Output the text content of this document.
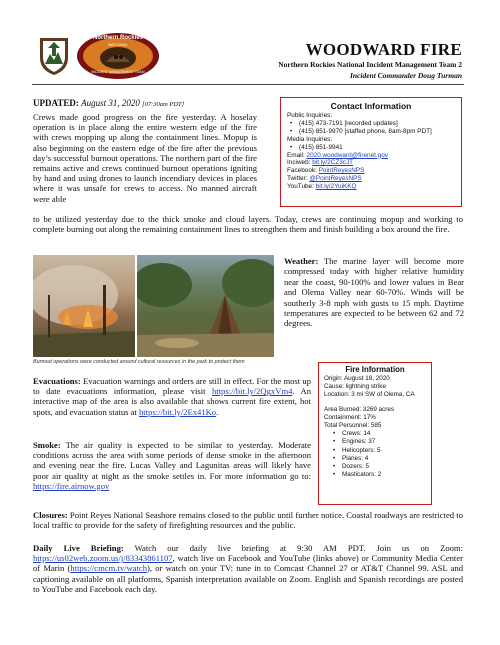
Northern Rockies
NATIONAL
INCIDENT MANAGEMENT TEAM
WOODWARD FIRE
Northern Rockies National Incident Management Team 2
Incident Commander Doug Turman
UPDATED: August 31, 2020 [07:30am PDT]

Crews made good progress on the fire yesterday. A hoselay operation is in place along the entire western edge of the fire with crews mopping up along the containment lines. Mopup is also beginning on the eastern edge of the fire after the previous day’s successful burnout operations. The northern part of the fire remains active and crews continued burnout operations igniting by hand and using drones to launch incendiary devices in places where it was unsafe for crews to access. No manned aircraft were able

to be utilized yesterday due to the thick smoke and cloud layers. Today, crews are continuing mopup and working to complete burning out along the remaining containment lines to strengthen them and finish building a box around the fire.

Contact Information
Public Inquiries:
• (415) 473-7191 [recorded updates]
• (415) 851-9970 [staffed phone, 8am-8pm PDT]
Media Inquiries:
• (415) 851-9941
Email: 2020.woodward@firenet.gov
Inciweb: bit.ly/2CZ3cJT
Facebook: PointReyesNPS
Twitter: @PointReyesNPS
YouTube: bit.ly/2YuiKKQ
Burnout operations were conducted around cultural resources in the park to protect them

Weather: The marine layer will become more compressed today with higher relative humidity near the coast, 90-100% and lower values in Bear and Olema Valley near 60-70%. Winds will be southerly 3-8 mph with gusts to 15 mph. Daytime temperatures are expected to be between 62 and 72 degrees.

Fire Information
Origin: August 18, 2020
Cause: lightning strike
Location: 3 mi SW of Olema, CA
Area Burned: 3269 acres
Containment: 17%
Total Personnel: 585
• Crews: 14
• Engines: 37
• Helicopters: 5
• Planes: 4
• Dozers: 5
• Masticators: 2

Evacuations: Evacuation warnings and orders are still in effect. For the most up to date evacuations information, please visit https://bit.ly/2QgxVm4. An interactive map of the area is also available that shows current fire extent, hot spots, and evacuation status at https://bit.ly/2Ex41Ko.

Smoke: The air quality is expected to be similar to yesterday. Moderate conditions across the area with some periods of dense smoke in the afternoon and evening near the fire. Lucas Valley and Lagunitas areas will likely have poor air quality at night as the smoke settles in. For more information go to: https://fire.airnow.gov

Closures: Point Reyes National Seashore remains closed to the public until further notice. Coastal roadways are restricted to local traffic to provide for the safety of firefighting resources and the public.

Daily Live Briefing: Watch our daily live briefing at 9:30 AM PDT. Join us on Zoom: https://us02web.zoom.us/j/83343861107, watch live on Facebook and YouTube (links above) or Community Media Center of Marin (https://cmcm.tv/watch), or watch on your TV: tune in to Comcast Channel 27 or AT&T Channel 99. ASL and captioning available on all platforms, Spanish interpretation available on Zoom. English and Spanish recordings are posted to YouTube and Facebook each day.
